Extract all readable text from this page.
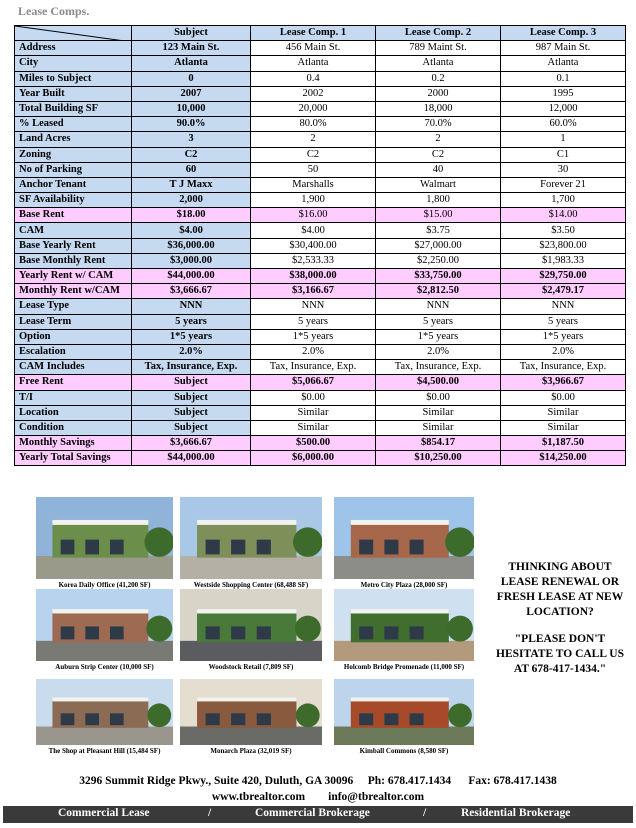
Lease Comps.
	Subject	Lease Comp. 1	Lease Comp. 2	Lease Comp. 3
Address	123 Main St.	456 Main St.	789 Maint St.	987 Main St.
City	Atlanta	Atlanta	Atlanta	Atlanta
Miles to Subject	0	0.4	0.2	0.1
Year Built	2007	2002	2000	1995
Total Building SF	10,000	20,000	18,000	12,000
% Leased	90.0%	80.0%	70.0%	60.0%
Land Acres	3	2	2	1
Zoning	C2	C2	C2	C1
No of Parking	60	50	40	30
Anchor Tenant	T J Maxx	Marshalls	Walmart	Forever 21
SF Availability	2,000	1,900	1,800	1,700
Base Rent	$18.00	$16.00	$15.00	$14.00
CAM	$4.00	$4.00	$3.75	$3.50
Base Yearly Rent	$36,000.00	$30,400.00	$27,000.00	$23,800.00
Base Monthly Rent	$3,000.00	$2,533.33	$2,250.00	$1,983.33
Yearly Rent w/ CAM	$44,000.00	$38,000.00	$33,750.00	$29,750.00
Monthly Rent w/CAM	$3,666.67	$3,166.67	$2,812.50	$2,479.17
Lease Type	NNN	NNN	NNN	NNN
Lease Term	5 years	5 years	5 years	5 years
Option	1*5 years	1*5 years	1*5 years	1*5 years
Escalation	2.0%	2.0%	2.0%	2.0%
CAM Includes	Tax, Insurance, Exp.	Tax, Insurance, Exp.	Tax, Insurance, Exp.	Tax, Insurance, Exp.
Free Rent	Subject	$5,066.67	$4,500.00	$3,966.67
T/I	Subject	$0.00	$0.00	$0.00
Location	Subject	Similar	Similar	Similar
Condition	Subject	Similar	Similar	Similar
Monthly Savings	$3,666.67	$500.00	$854.17	$1,187.50
Yearly Total Savings	$44,000.00	$6,000.00	$10,250.00	$14,250.00
Korea Daily Office (41,200 SF)	Westside Shopping Center (68,488 SF)	Metro City Plaza (28,000 SF)
Auburn Strip Center (10,000 SF)	Woodstock Retail (7,809 SF)	Holcomb Bridge Promenade (11,000 SF)
The Shop at Pleasant Hill (15,484 SF)	Monarch Plaza (32,019 SF)	Kimball Commons (8,580 SF)

THINKING ABOUT LEASE RENEWAL OR FRESH LEASE AT NEW LOCATION?

"PLEASE DON'T HESITATE TO CALL US AT 678-417-1434."

3296 Summit Ridge Pkwy., Suite 420, Duluth, GA 30096 Ph: 678.417.1434 Fax: 678.417.1438
www.tbrealtor.com info@tbrealtor.com
Commercial Lease	/	Commercial Brokerage	/	Residential Brokerage
